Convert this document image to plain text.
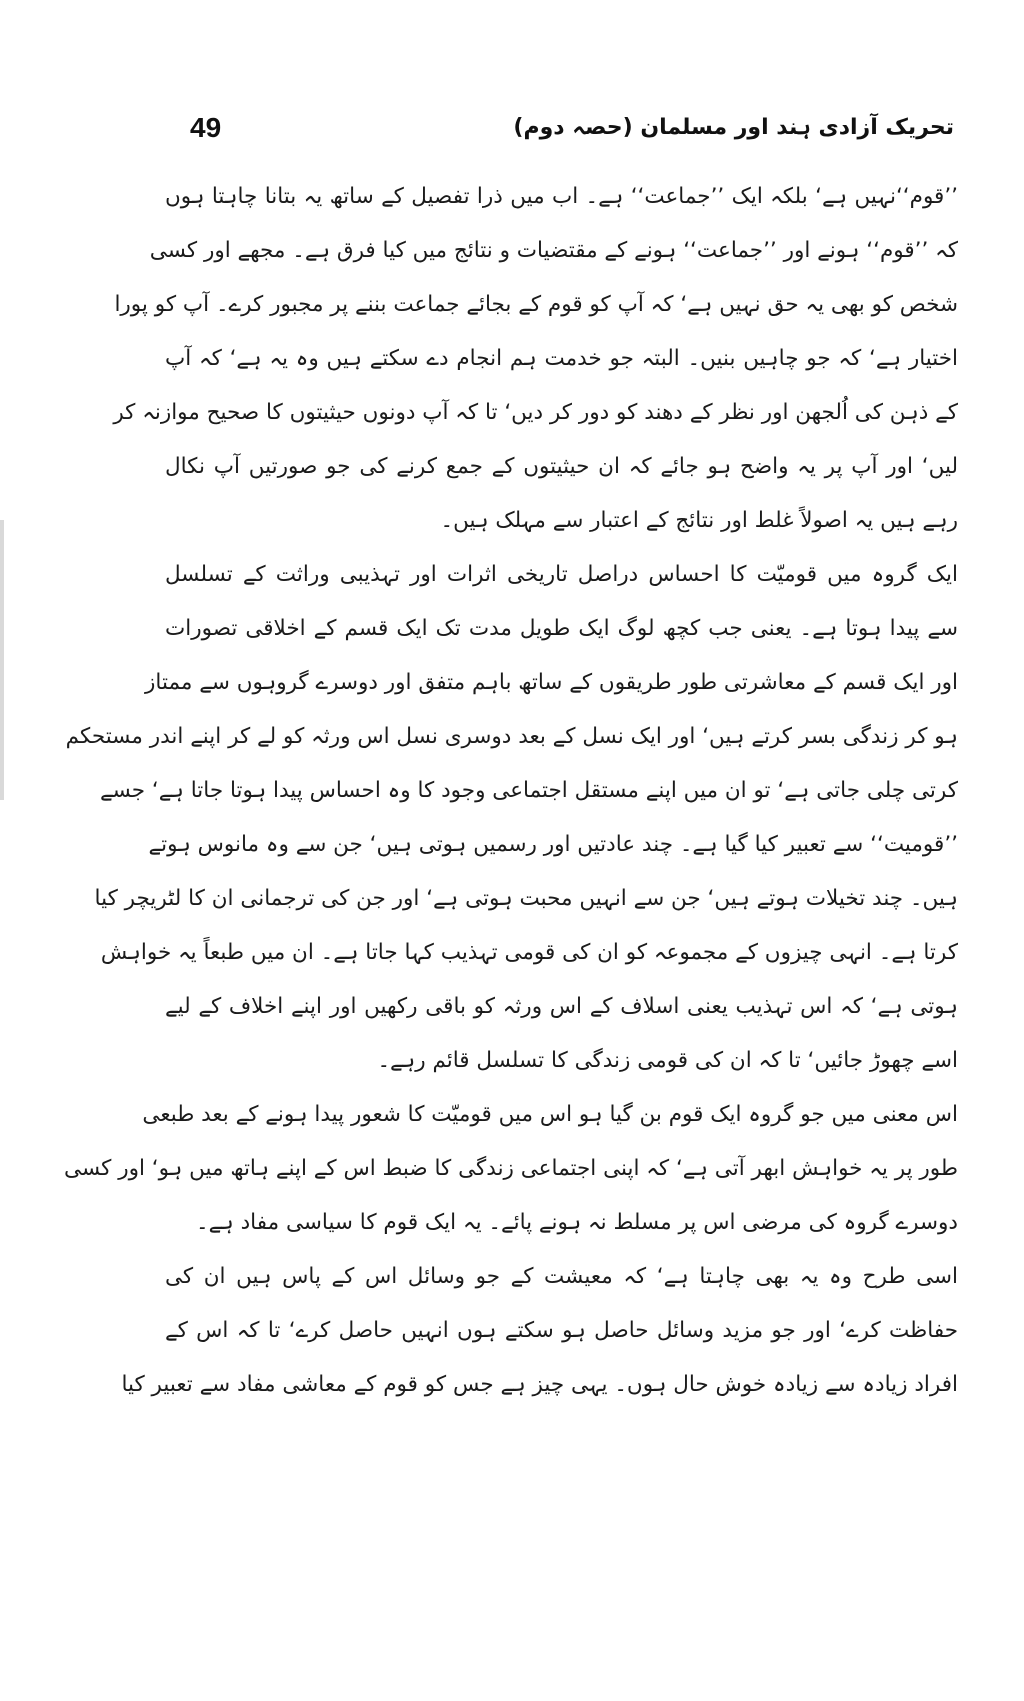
49	تحریک آزادی ہند اور مسلمان (حصہ دوم)
’’قوم‘‘نہیں ہے‘ بلکہ ایک ’’جماعت‘‘ ہے۔ اب میں ذرا تفصیل کے ساتھ یہ بتانا چاہتا ہوں
کہ ’’قوم‘‘ ہونے اور ’’جماعت‘‘ ہونے کے مقتضیات و نتائج میں کیا فرق ہے۔ مجھے اور کسی
شخص کو بھی یہ حق نہیں ہے‘ کہ آپ کو قوم کے بجائے جماعت بننے پر مجبور کرے۔ آپ کو پورا
اختیار ہے‘ کہ جو چاہیں بنیں۔ البتہ جو خدمت ہم انجام دے سکتے ہیں وہ یہ ہے‘ کہ آپ
کے ذہن کی اُلجھن اور نظر کے دھند کو دور کر دیں‘ تا کہ آپ دونوں حیثیتوں کا صحیح موازنہ کر
لیں‘ اور آپ پر یہ واضح ہو جائے کہ ان حیثیتوں کے جمع کرنے کی جو صورتیں آپ نکال
رہے ہیں یہ اصولاً غلط اور نتائج کے اعتبار سے مہلک ہیں۔
ایک گروہ میں قومیّت کا احساس دراصل تاریخی اثرات اور تہذیبی وراثت کے تسلسل
سے پیدا ہوتا ہے۔ یعنی جب کچھ لوگ ایک طویل مدت تک ایک قسم کے اخلاقی تصورات
اور ایک قسم کے معاشرتی طور طریقوں کے ساتھ باہم متفق اور دوسرے گروہوں سے ممتاز
ہو کر زندگی بسر کرتے ہیں‘ اور ایک نسل کے بعد دوسری نسل اس ورثہ کو لے کر اپنے اندر مستحکم
کرتی چلی جاتی ہے‘ تو ان میں اپنے مستقل اجتماعی وجود کا وہ احساس پیدا ہوتا جاتا ہے‘ جسے
’’قومیت‘‘ سے تعبیر کیا گیا ہے۔ چند عادتیں اور رسمیں ہوتی ہیں‘ جن سے وہ مانوس ہوتے
ہیں۔ چند تخیلات ہوتے ہیں‘ جن سے انہیں محبت ہوتی ہے‘ اور جن کی ترجمانی ان کا لٹریچر کیا
کرتا ہے۔ انہی چیزوں کے مجموعہ کو ان کی قومی تہذیب کہا جاتا ہے۔ ان میں طبعاً یہ خواہش
ہوتی ہے‘ کہ اس تہذیب یعنی اسلاف کے اس ورثہ کو باقی رکھیں اور اپنے اخلاف کے لیے
اسے چھوڑ جائیں‘ تا کہ ان کی قومی زندگی کا تسلسل قائم رہے۔
اس معنی میں جو گروہ ایک قوم بن گیا ہو اس میں قومیّت کا شعور پیدا ہونے کے بعد طبعی
طور پر یہ خواہش ابھر آتی ہے‘ کہ اپنی اجتماعی زندگی کا ضبط اس کے اپنے ہاتھ میں ہو‘ اور کسی
دوسرے گروہ کی مرضی اس پر مسلط نہ ہونے پائے۔ یہ ایک قوم کا سیاسی مفاد ہے۔
اسی طرح وہ یہ بھی چاہتا ہے‘ کہ معیشت کے جو وسائل اس کے پاس ہیں ان کی
حفاظت کرے‘ اور جو مزید وسائل حاصل ہو سکتے ہوں انہیں حاصل کرے‘ تا کہ اس کے
افراد زیادہ سے زیادہ خوش حال ہوں۔ یہی چیز ہے جس کو قوم کے معاشی مفاد سے تعبیر کیا
